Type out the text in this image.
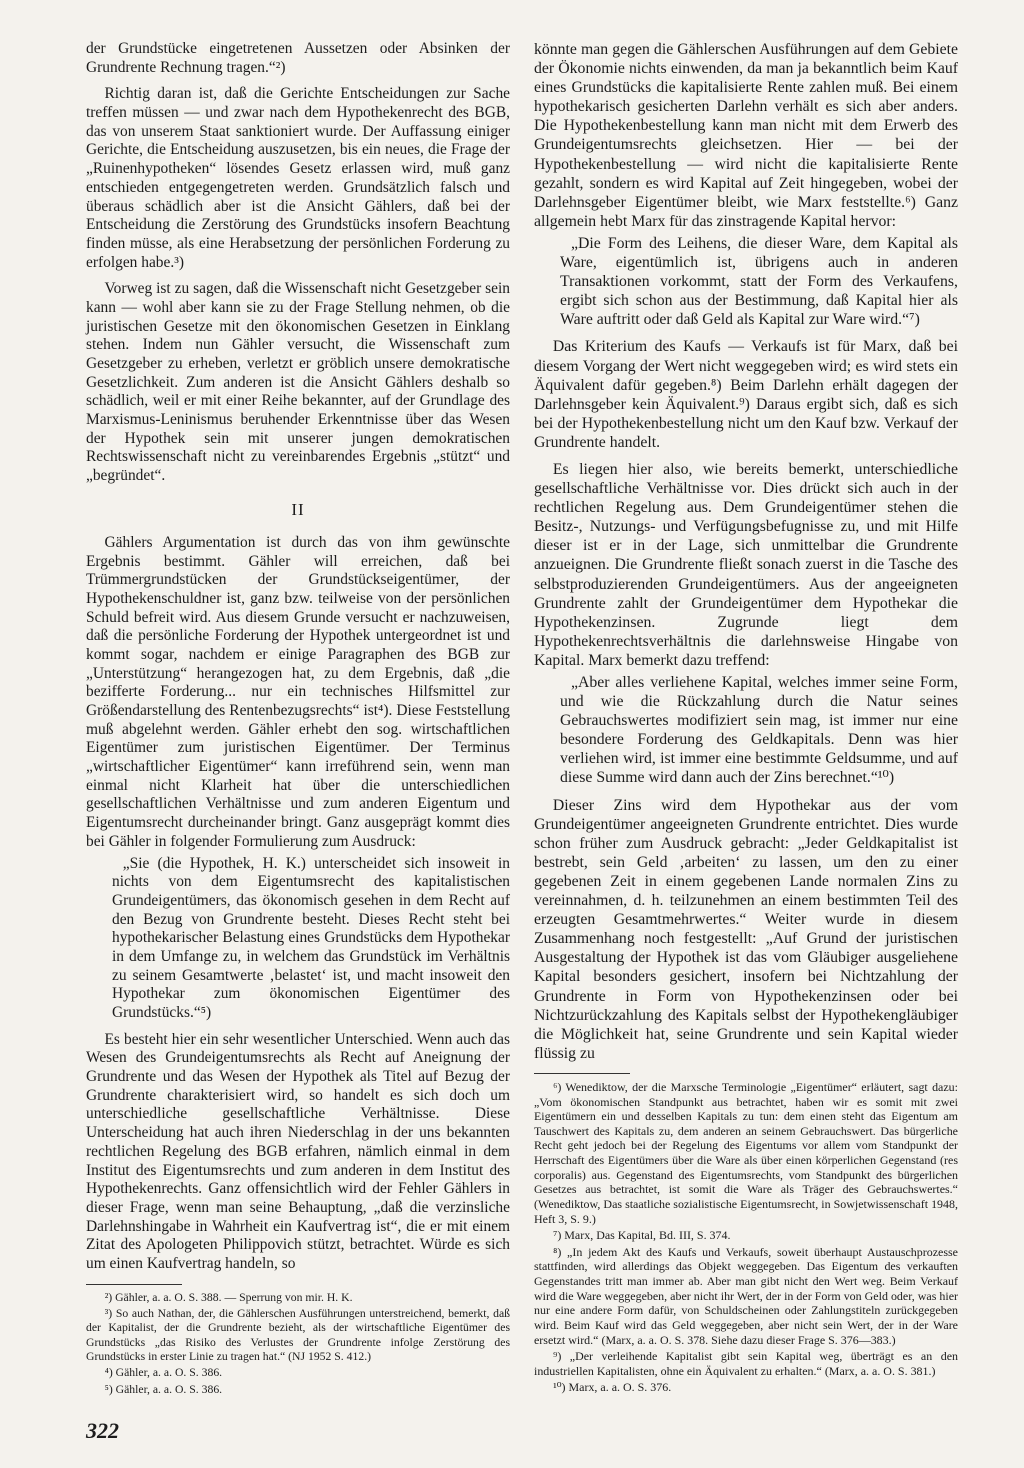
der Grundstücke eingetretenen Aussetzen oder Absinken der Grundrente Rechnung tragen.“²)

Richtig daran ist, daß die Gerichte Entscheidungen zur Sache treffen müssen — und zwar nach dem Hypothekenrecht des BGB, das von unserem Staat sanktioniert wurde. Der Auffassung einiger Gerichte, die Entscheidung auszusetzen, bis ein neues, die Frage der „Ruinenhypotheken“ lösendes Gesetz erlassen wird, muß ganz entschieden entgegengetreten werden. Grundsätzlich falsch und überaus schädlich aber ist die Ansicht Gählers, daß bei der Entscheidung die Zerstörung des Grundstücks insofern Beachtung finden müsse, als eine Herabsetzung der persönlichen Forderung zu erfolgen habe.³)

Vorweg ist zu sagen, daß die Wissenschaft nicht Gesetzgeber sein kann — wohl aber kann sie zu der Frage Stellung nehmen, ob die juristischen Gesetze mit den ökonomischen Gesetzen in Einklang stehen. Indem nun Gähler versucht, die Wissenschaft zum Gesetzgeber zu erheben, verletzt er gröblich unsere demokratische Gesetzlichkeit. Zum anderen ist die Ansicht Gählers deshalb so schädlich, weil er mit einer Reihe bekannter, auf der Grundlage des Marxismus-Leninismus beruhender Erkenntnisse über das Wesen der Hypothek sein mit unserer jungen demokratischen Rechtswissenschaft nicht zu vereinbarendes Ergebnis „stützt“ und „begründet“.

II

Gählers Argumentation ist durch das von ihm gewünschte Ergebnis bestimmt. Gähler will erreichen, daß bei Trümmergrundstücken der Grundstückseigentümer, der Hypothekenschuldner ist, ganz bzw. teilweise von der persönlichen Schuld befreit wird. Aus diesem Grunde versucht er nachzuweisen, daß die persönliche Forderung der Hypothek untergeordnet ist und kommt sogar, nachdem er einige Paragraphen des BGB zur „Unterstützung“ herangezogen hat, zu dem Ergebnis, daß „die bezifferte Forderung... nur ein technisches Hilfsmittel zur Größendarstellung des Rentenbezugsrechts“ ist⁴). Diese Feststellung muß abgelehnt werden. Gähler erhebt den sog. wirtschaftlichen Eigentümer zum juristischen Eigentümer. Der Terminus „wirtschaftlicher Eigentümer“ kann irreführend sein, wenn man einmal nicht Klarheit hat über die unterschiedlichen gesellschaftlichen Verhältnisse und zum anderen Eigentum und Eigentumsrecht durcheinander bringt. Ganz ausgeprägt kommt dies bei Gähler in folgender Formulierung zum Ausdruck:

„Sie (die Hypothek, H. K.) unterscheidet sich insoweit in nichts von dem Eigentumsrecht des kapitalistischen Grundeigentümers, das ökonomisch gesehen in dem Recht auf den Bezug von Grundrente besteht. Dieses Recht steht bei hypothekarischer Belastung eines Grundstücks dem Hypothekar in dem Umfange zu, in welchem das Grundstück im Verhältnis zu seinem Gesamtwerte ‚belastet‘ ist, und macht insoweit den Hypothekar zum ökonomischen Eigentümer des Grundstücks.“⁵)

Es besteht hier ein sehr wesentlicher Unterschied. Wenn auch das Wesen des Grundeigentumsrechts als Recht auf Aneignung der Grundrente und das Wesen der Hypothek als Titel auf Bezug der Grundrente charakterisiert wird, so handelt es sich doch um unterschiedliche gesellschaftliche Verhältnisse. Diese Unterscheidung hat auch ihren Niederschlag in der uns bekannten rechtlichen Regelung des BGB erfahren, nämlich einmal in dem Institut des Eigentumsrechts und zum anderen in dem Institut des Hypothekenrechts. Ganz offensichtlich wird der Fehler Gählers in dieser Frage, wenn man seine Behauptung, „daß die verzinsliche Darlehnshingabe in Wahrheit ein Kaufvertrag ist“, die er mit einem Zitat des Apologeten Philippovich stützt, betrachtet. Würde es sich um einen Kaufvertrag handeln, so

²) Gähler, a. a. O. S. 388. — Sperrung von mir. H. K.
³) So auch Nathan, der, die Gählerschen Ausführungen unterstreichend, bemerkt, daß der Kapitalist, der die Grundrente bezieht, als der wirtschaftliche Eigentümer des Grundstücks „das Risiko des Verlustes der Grundrente infolge Zerstörung des Grundstücks in erster Linie zu tragen hat.“ (NJ 1952 S. 412.)
⁴) Gähler, a. a. O. S. 386.
⁵) Gähler, a. a. O. S. 386.

könnte man gegen die Gählerschen Ausführungen auf dem Gebiete der Ökonomie nichts einwenden, da man ja bekanntlich beim Kauf eines Grundstücks die kapitalisierte Rente zahlen muß. Bei einem hypothekarisch gesicherten Darlehn verhält es sich aber anders. Die Hypothekenbestellung kann man nicht mit dem Erwerb des Grundeigentumsrechts gleichsetzen. Hier — bei der Hypothekenbestellung — wird nicht die kapitalisierte Rente gezahlt, sondern es wird Kapital auf Zeit hingegeben, wobei der Darlehnsgeber Eigentümer bleibt, wie Marx feststellte.⁶) Ganz allgemein hebt Marx für das zinstragende Kapital hervor:

„Die Form des Leihens, die dieser Ware, dem Kapital als Ware, eigentümlich ist, übrigens auch in anderen Transaktionen vorkommt, statt der Form des Verkaufens, ergibt sich schon aus der Bestimmung, daß Kapital hier als Ware auftritt oder daß Geld als Kapital zur Ware wird.“⁷)

Das Kriterium des Kaufs — Verkaufs ist für Marx, daß bei diesem Vorgang der Wert nicht weggegeben wird; es wird stets ein Äquivalent dafür gegeben.⁸) Beim Darlehn erhält dagegen der Darlehnsgeber kein Äquivalent.⁹) Daraus ergibt sich, daß es sich bei der Hypothekenbestellung nicht um den Kauf bzw. Verkauf der Grundrente handelt.

Es liegen hier also, wie bereits bemerkt, unterschiedliche gesellschaftliche Verhältnisse vor. Dies drückt sich auch in der rechtlichen Regelung aus. Dem Grundeigentümer stehen die Besitz-, Nutzungs- und Verfügungsbefugnisse zu, und mit Hilfe dieser ist er in der Lage, sich unmittelbar die Grundrente anzueignen. Die Grundrente fließt sonach zuerst in die Tasche des selbstproduzierenden Grundeigentümers. Aus der angeeigneten Grundrente zahlt der Grundeigentümer dem Hypothekar die Hypothekenzinsen. Zugrunde liegt dem Hypothekenrechtsverhältnis die darlehnsweise Hingabe von Kapital. Marx bemerkt dazu treffend:

„Aber alles verliehene Kapital, welches immer seine Form, und wie die Rückzahlung durch die Natur seines Gebrauchswertes modifiziert sein mag, ist immer nur eine besondere Forderung des Geldkapitals. Denn was hier verliehen wird, ist immer eine bestimmte Geldsumme, und auf diese Summe wird dann auch der Zins berechnet.“¹⁰)

Dieser Zins wird dem Hypothekar aus der vom Grundeigentümer angeeigneten Grundrente entrichtet. Dies wurde schon früher zum Ausdruck gebracht: „Jeder Geldkapitalist ist bestrebt, sein Geld ‚arbeiten‘ zu lassen, um den zu einer gegebenen Zeit in einem gegebenen Lande normalen Zins zu vereinnahmen, d. h. teilzunehmen an einem bestimmten Teil des erzeugten Gesamtmehrwertes.“ Weiter wurde in diesem Zusammenhang noch festgestellt: „Auf Grund der juristischen Ausgestaltung der Hypothek ist das vom Gläubiger ausgeliehene Kapital besonders gesichert, insofern bei Nichtzahlung der Grundrente in Form von Hypothekenzinsen oder bei Nichtzurückzahlung des Kapitals selbst der Hypothekengläubiger die Möglichkeit hat, seine Grundrente und sein Kapital wieder flüssig zu

⁶) Wenediktow, der die Marxsche Terminologie „Eigentümer“ erläutert, sagt dazu: „Vom ökonomischen Standpunkt aus betrachtet, haben wir es somit mit zwei Eigentümern ein und desselben Kapitals zu tun: dem einen steht das Eigentum am Tauschwert des Kapitals zu, dem anderen an seinem Gebrauchswert. Das bürgerliche Recht geht jedoch bei der Regelung des Eigentums vor allem vom Standpunkt der Herrschaft des Eigentümers über die Ware als über einen körperlichen Gegenstand (res corporalis) aus. Gegenstand des Eigentumsrechts, vom Standpunkt des bürgerlichen Gesetzes aus betrachtet, ist somit die Ware als Träger des Gebrauchswertes.“ (Wenediktow, Das staatliche sozialistische Eigentumsrecht, in Sowjetwissenschaft 1948, Heft 3, S. 9.)
⁷) Marx, Das Kapital, Bd. III, S. 374.
⁸) „In jedem Akt des Kaufs und Verkaufs, soweit überhaupt Austauschprozesse stattfinden, wird allerdings das Objekt weggegeben. Das Eigentum des verkauften Gegenstandes tritt man immer ab. Aber man gibt nicht den Wert weg. Beim Verkauf wird die Ware weggegeben, aber nicht ihr Wert, der in der Form von Geld oder, was hier nur eine andere Form dafür, von Schuldscheinen oder Zahlungstiteln zurückgegeben wird. Beim Kauf wird das Geld weggegeben, aber nicht sein Wert, der in der Ware ersetzt wird.“ (Marx, a. a. O. S. 378. Siehe dazu dieser Frage S. 376—383.)
⁹) „Der verleihende Kapitalist gibt sein Kapital weg, überträgt es an den industriellen Kapitalisten, ohne ein Äquivalent zu erhalten.“ (Marx, a. a. O. S. 381.)
¹⁰) Marx, a. a. O. S. 376.
322
